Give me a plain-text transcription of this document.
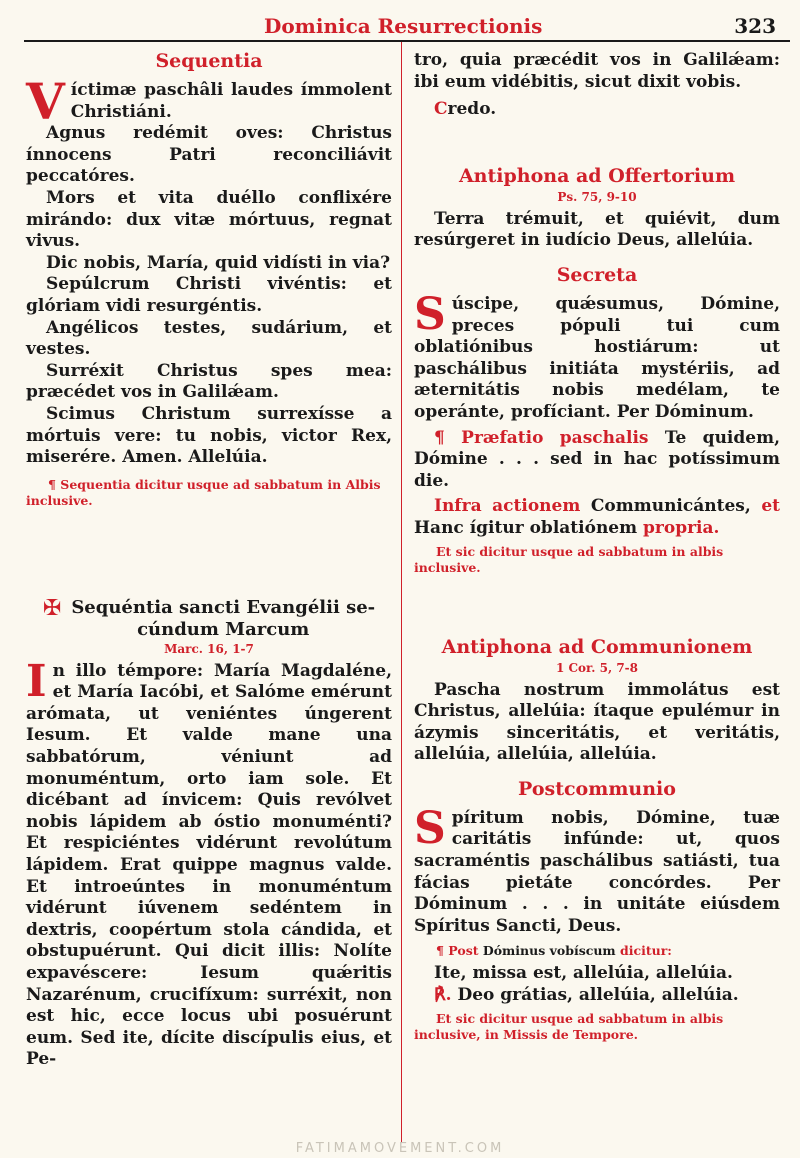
Dominica Resurrectionis	323
Sequentia

Víctimæ paschâli laudes ímmolent Christiáni.

Agnus redémit oves: Christus ínnocens Patri reconciliávit peccatóres.

Mors et vita duéllo conflixére mirándo: dux vitæ mórtuus, regnat vivus.

Dic nobis, María, quid vidísti in via?

Sepúlcrum Christi vivéntis: et glóriam vidi resurgéntis.

Angélicos testes, sudárium, et vestes.

Surréxit Christus spes mea: præcédet vos in Galilǽam.

Scimus Christum surrexísse a mórtuis vere: tu nobis, victor Rex, miserére. Amen. Allelúia.

¶ Sequentia dicitur usque ad sabbatum in Albis inclusive.

✠ Sequéntia sancti Evangélii se-
cúndum Marcum

Marc. 16, 1-7

In illo témpore: María Magdaléne, et María Iacóbi, et Salóme emérunt arómata, ut veniéntes úngerent Iesum. Et valde mane una sabbatórum, véniunt ad monuméntum, orto iam sole. Et dicébant ad ínvicem: Quis revólvet nobis lápidem ab óstio monuménti? Et respiciéntes vidérunt revolútum lápidem. Erat quippe magnus valde. Et introeúntes in monuméntum vidérunt iúvenem sedéntem in dextris, coopértum stola cándida, et obstupuérunt. Qui dicit illis: Nolíte expavéscere: Iesum quǽritis Nazarénum, crucifíxum: surréxit, non est hic, ecce locus ubi posuérunt eum. Sed ite, dícite discípulis eius, et Pe-

tro, quia præcédit vos in Galilǽam: ibi eum vidébitis, sicut dixit vobis.

Credo.

Antiphona ad Offertorium

Ps. 75, 9-10

Terra trémuit, et quiévit, dum resúrgeret in iudício Deus, allelúia.

Secreta

Súscipe, quǽsumus, Dómine, preces pópuli tui cum oblatiónibus hostiárum: ut paschálibus initiáta mystériis, ad æternitátis nobis medélam, te operánte, profíciant. Per Dóminum.

¶ Præfatio paschalis Te quidem, Dómine . . . sed in hac potíssimum die.

Infra actionem Communicántes, et Hanc ígitur oblatiónem propria.

Et sic dicitur usque ad sabbatum in albis inclusive.

Antiphona ad Communionem

1 Cor. 5, 7-8

Pascha nostrum immolátus est Christus, allelúia: ítaque epulémur in ázymis sinceritátis, et veritátis, allelúia, allelúia, allelúia.

Postcommunio

Spíritum nobis, Dómine, tuæ caritátis infúnde: ut, quos sacraméntis paschálibus satiásti, tua fácias pietáte concórdes. Per Dóminum . . . in unitáte eiúsdem Spíritus Sancti, Deus.

¶ Post Dóminus vobíscum dicitur:

Ite, missa est, allelúia, allelúia.

℟. Deo grátias, allelúia, allelúia.

Et sic dicitur usque ad sabbatum in albis inclusive, in Missis de Tempore.

FATIMAMOVEMENT.COM
